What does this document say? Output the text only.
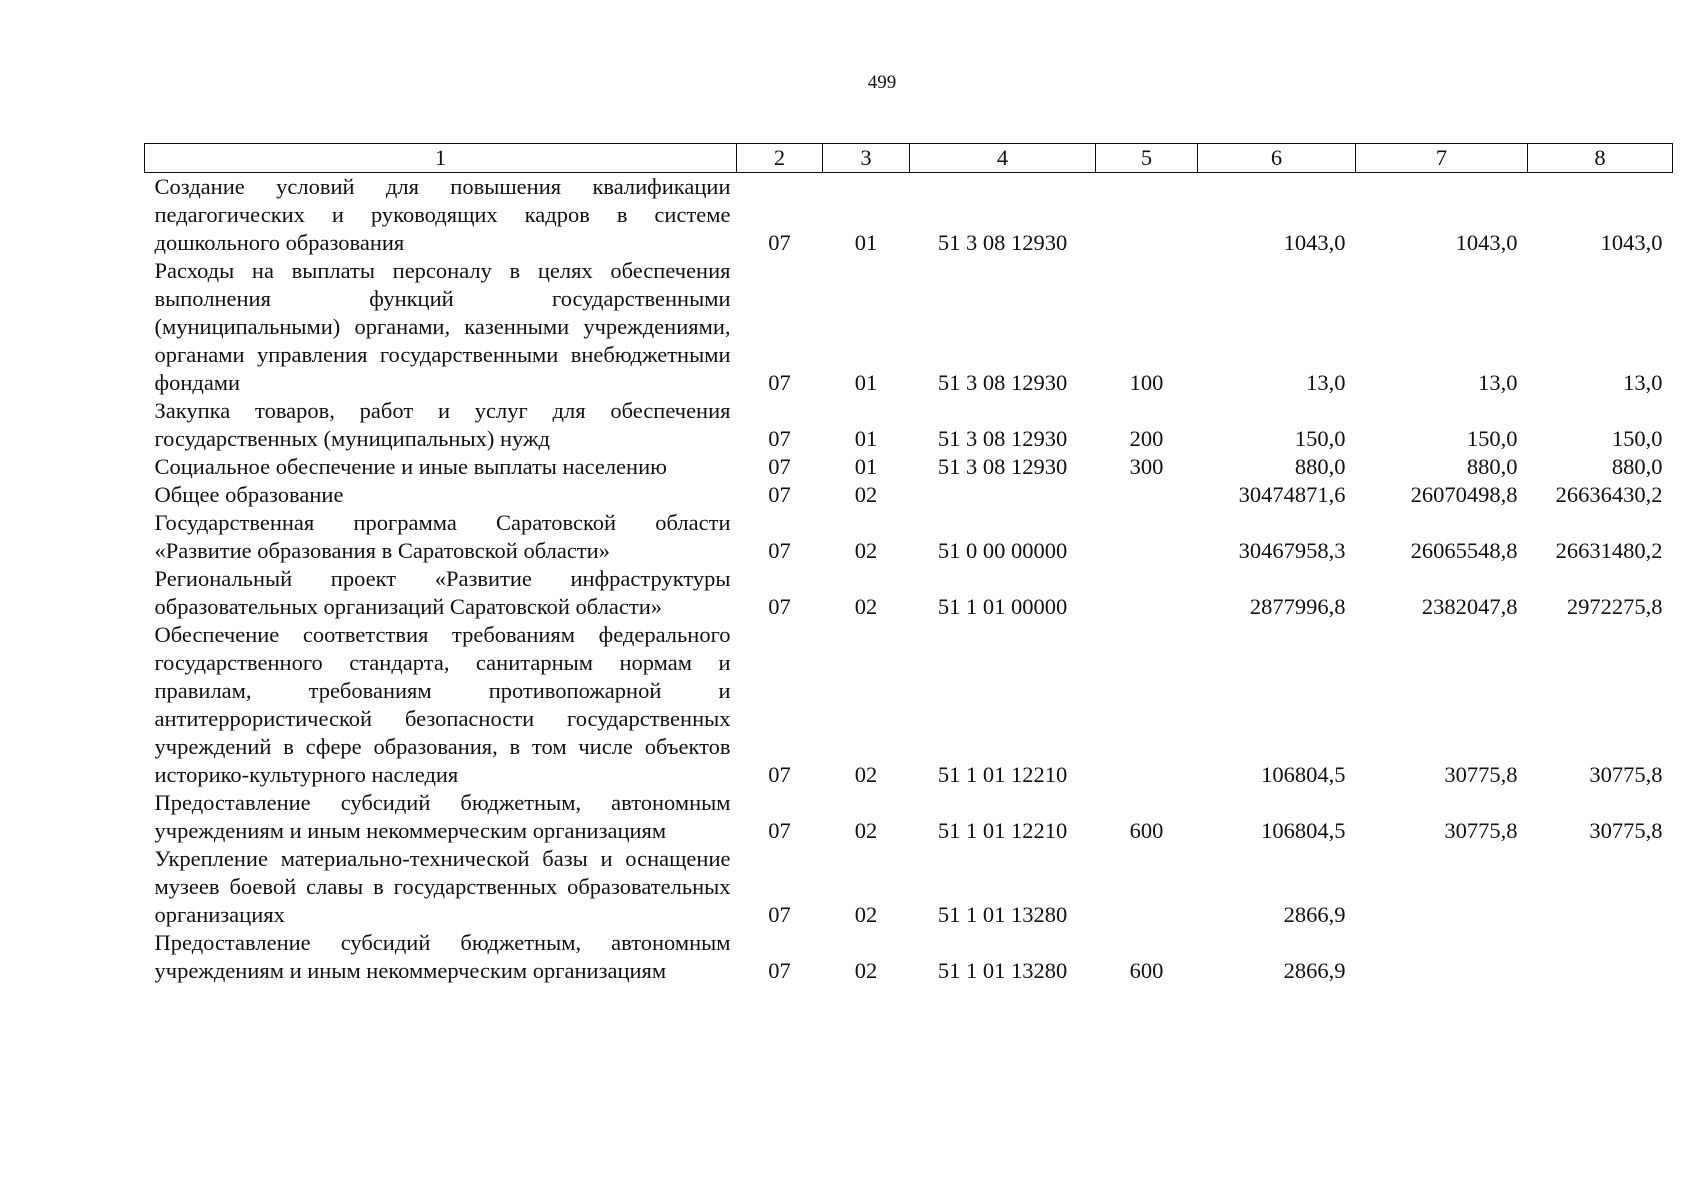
499
1	2	3	4	5	6	7	8
Создание условий для повышения квалификации педагогических и руководящих кадров в системе дошкольного образования	07	01	51 3 08 12930		1043,0	1043,0	1043,0
Расходы на выплаты персоналу в целях обеспечения выполнения функций государственными (муниципальными) органами, казенными учреждениями, органами управления государственными внебюджетными фондами	07	01	51 3 08 12930	100	13,0	13,0	13,0
Закупка товаров, работ и услуг для обеспечения государственных (муниципальных) нужд	07	01	51 3 08 12930	200	150,0	150,0	150,0
Социальное обеспечение и иные выплаты населению	07	01	51 3 08 12930	300	880,0	880,0	880,0
Общее образование	07	02			30474871,6	26070498,8	26636430,2
Государственная программа Саратовской области «Развитие образования в Саратовской области»	07	02	51 0 00 00000		30467958,3	26065548,8	26631480,2
Региональный проект «Развитие инфраструктуры образовательных организаций Саратовской области»	07	02	51 1 01 00000		2877996,8	2382047,8	2972275,8
Обеспечение соответствия требованиям федерального государственного стандарта, санитарным нормам и правилам, требованиям противопожарной и антитеррористической безопасности государственных учреждений в сфере образования, в том числе объектов историко-культурного наследия	07	02	51 1 01 12210		106804,5	30775,8	30775,8
Предоставление субсидий бюджетным, автономным учреждениям и иным некоммерческим организациям	07	02	51 1 01 12210	600	106804,5	30775,8	30775,8
Укрепление материально-технической базы и оснащение музеев боевой славы в государственных образовательных организациях	07	02	51 1 01 13280		2866,9		
Предоставление субсидий бюджетным, автономным учреждениям и иным некоммерческим организациям	07	02	51 1 01 13280	600	2866,9		
